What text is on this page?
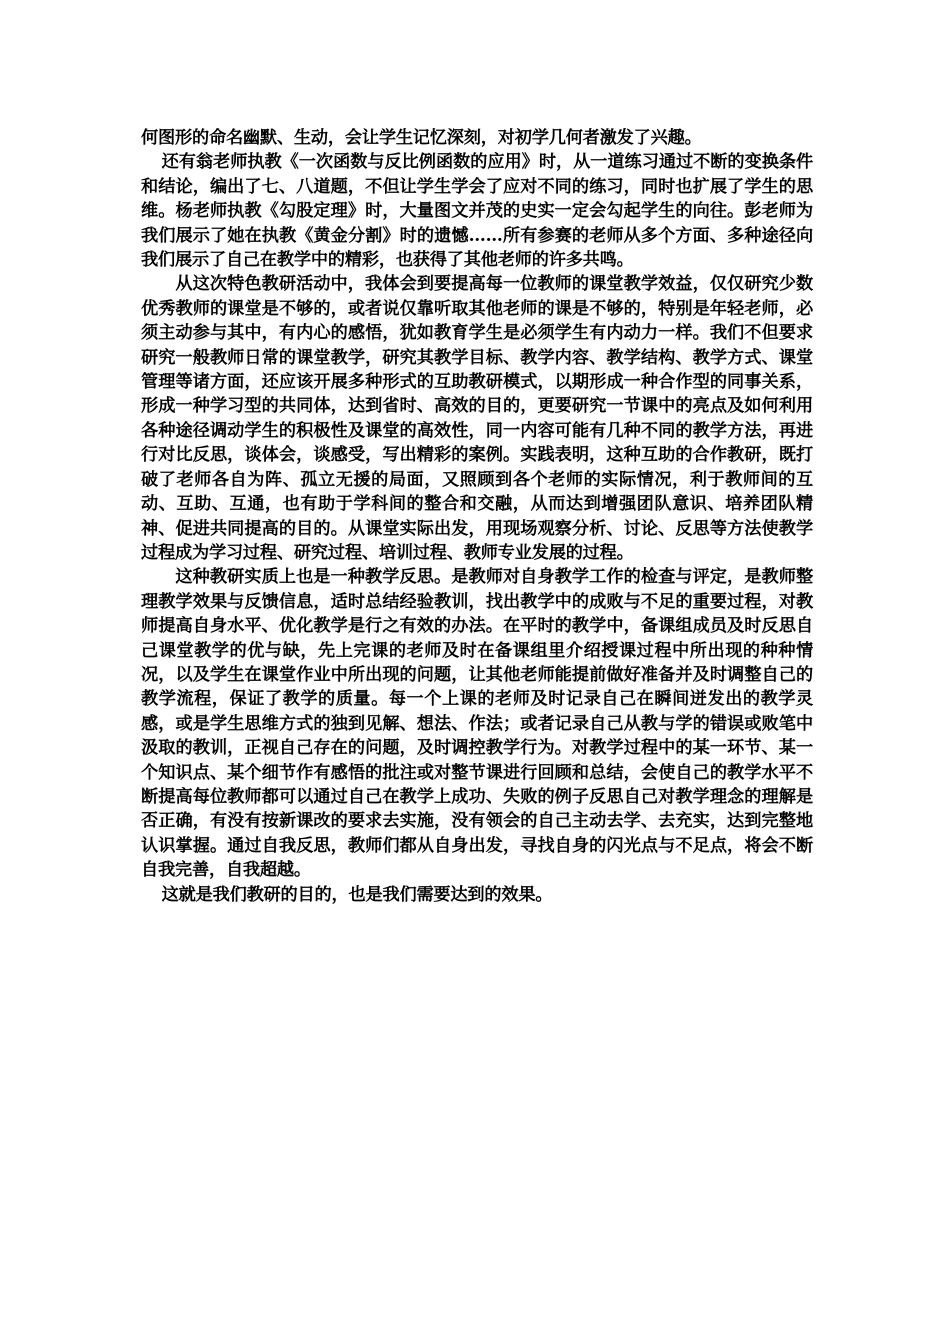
何图形的命名幽默、生动，会让学生记忆深刻，对初学几何者激发了兴趣。

还有翁老师执教《一次函数与反比例函数的应用》时，从一道练习通过不断的变换条件和结论，编出了七、八道题，不但让学生学会了应对不同的练习，同时也扩展了学生的思维。杨老师执教《勾股定理》时，大量图文并茂的史实一定会勾起学生的向往。彭老师为我们展示了她在执教《黄金分割》时的遗憾……所有参赛的老师从多个方面、多种途径向我们展示了自己在教学中的精彩，也获得了其他老师的许多共鸣。

从这次特色教研活动中，我体会到要提高每一位教师的课堂教学效益，仅仅研究少数优秀教师的课堂是不够的，或者说仅靠听取其他老师的课是不够的，特别是年轻老师，必须主动参与其中，有内心的感悟，犹如教育学生是必须学生有内动力一样。我们不但要求研究一般教师日常的课堂教学，研究其教学目标、教学内容、教学结构、教学方式、课堂管理等诸方面，还应该开展多种形式的互助教研模式，以期形成一种合作型的同事关系，形成一种学习型的共同体，达到省时、高效的目的，更要研究一节课中的亮点及如何利用各种途径调动学生的积极性及课堂的高效性，同一内容可能有几种不同的教学方法，再进行对比反思，谈体会，谈感受，写出精彩的案例。实践表明，这种互助的合作教研，既打破了老师各自为阵、孤立无援的局面，又照顾到各个老师的实际情况，利于教师间的互动、互助、互通，也有助于学科间的整合和交融，从而达到增强团队意识、培养团队精神、促进共同提高的目的。从课堂实际出发，用现场观察分析、讨论、反思等方法使教学过程成为学习过程、研究过程、培训过程、教师专业发展的过程。

这种教研实质上也是一种教学反思。是教师对自身教学工作的检查与评定，是教师整理教学效果与反馈信息，适时总结经验教训，找出教学中的成败与不足的重要过程，对教师提高自身水平、优化教学是行之有效的办法。在平时的教学中，备课组成员及时反思自己课堂教学的优与缺，先上完课的老师及时在备课组里介绍授课过程中所出现的种种情况，以及学生在课堂作业中所出现的问题，让其他老师能提前做好准备并及时调整自己的教学流程，保证了教学的质量。每一个上课的老师及时记录自己在瞬间迸发出的教学灵感，或是学生思维方式的独到见解、想法、作法；或者记录自己从教与学的错误或败笔中汲取的教训，正视自己存在的问题，及时调控教学行为。对教学过程中的某一环节、某一个知识点、某个细节作有感悟的批注或对整节课进行回顾和总结，会使自己的教学水平不断提高每位教师都可以通过自己在教学上成功、失败的例子反思自己对教学理念的理解是否正确，有没有按新课改的要求去实施，没有领会的自己主动去学、去充实，达到完整地认识掌握。通过自我反思，教师们都从自身出发，寻找自身的闪光点与不足点，将会不断自我完善，自我超越。

这就是我们教研的目的，也是我们需要达到的效果。
